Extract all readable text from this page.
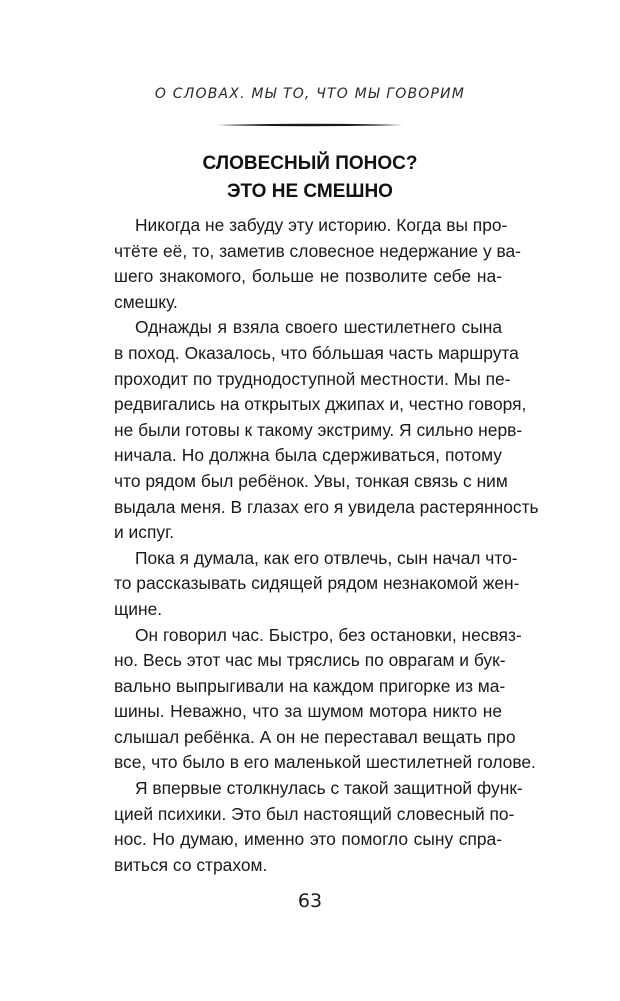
О СЛОВАХ. МЫ ТО, ЧТО МЫ ГОВОРИМ
СЛОВЕСНЫЙ ПОНОС?
ЭТО НЕ СМЕШНО
Никогда не забуду эту историю. Когда вы про-
чтёте её, то, заметив словесное недержание у ва-
шего знакомого, больше не позволите себе на-
смешку.
Однажды я взяла своего шестилетнего сына
в поход. Оказалось, что бóльшая часть маршрута
проходит по труднодоступной местности. Мы пе-
редвигались на открытых джипах и, честно говоря,
не были готовы к такому экстриму. Я сильно нерв-
ничала. Но должна была сдерживаться, потому
что рядом был ребёнок. Увы, тонкая связь с ним
выдала меня. В глазах его я увидела растерянность
и испуг.
Пока я думала, как его отвлечь, сын начал что-
то рассказывать сидящей рядом незнакомой жен-
щине.
Он говорил час. Быстро, без остановки, несвяз-
но. Весь этот час мы тряслись по оврагам и бук-
вально выпрыгивали на каждом пригорке из ма-
шины. Неважно, что за шумом мотора никто не
слышал ребёнка. А он не переставал вещать про
все, что было в его маленькой шестилетней голове.
Я впервые столкнулась с такой защитной функ-
цией психики. Это был настоящий словесный по-
нос. Но думаю, именно это помогло сыну спра-
виться со страхом.
63
